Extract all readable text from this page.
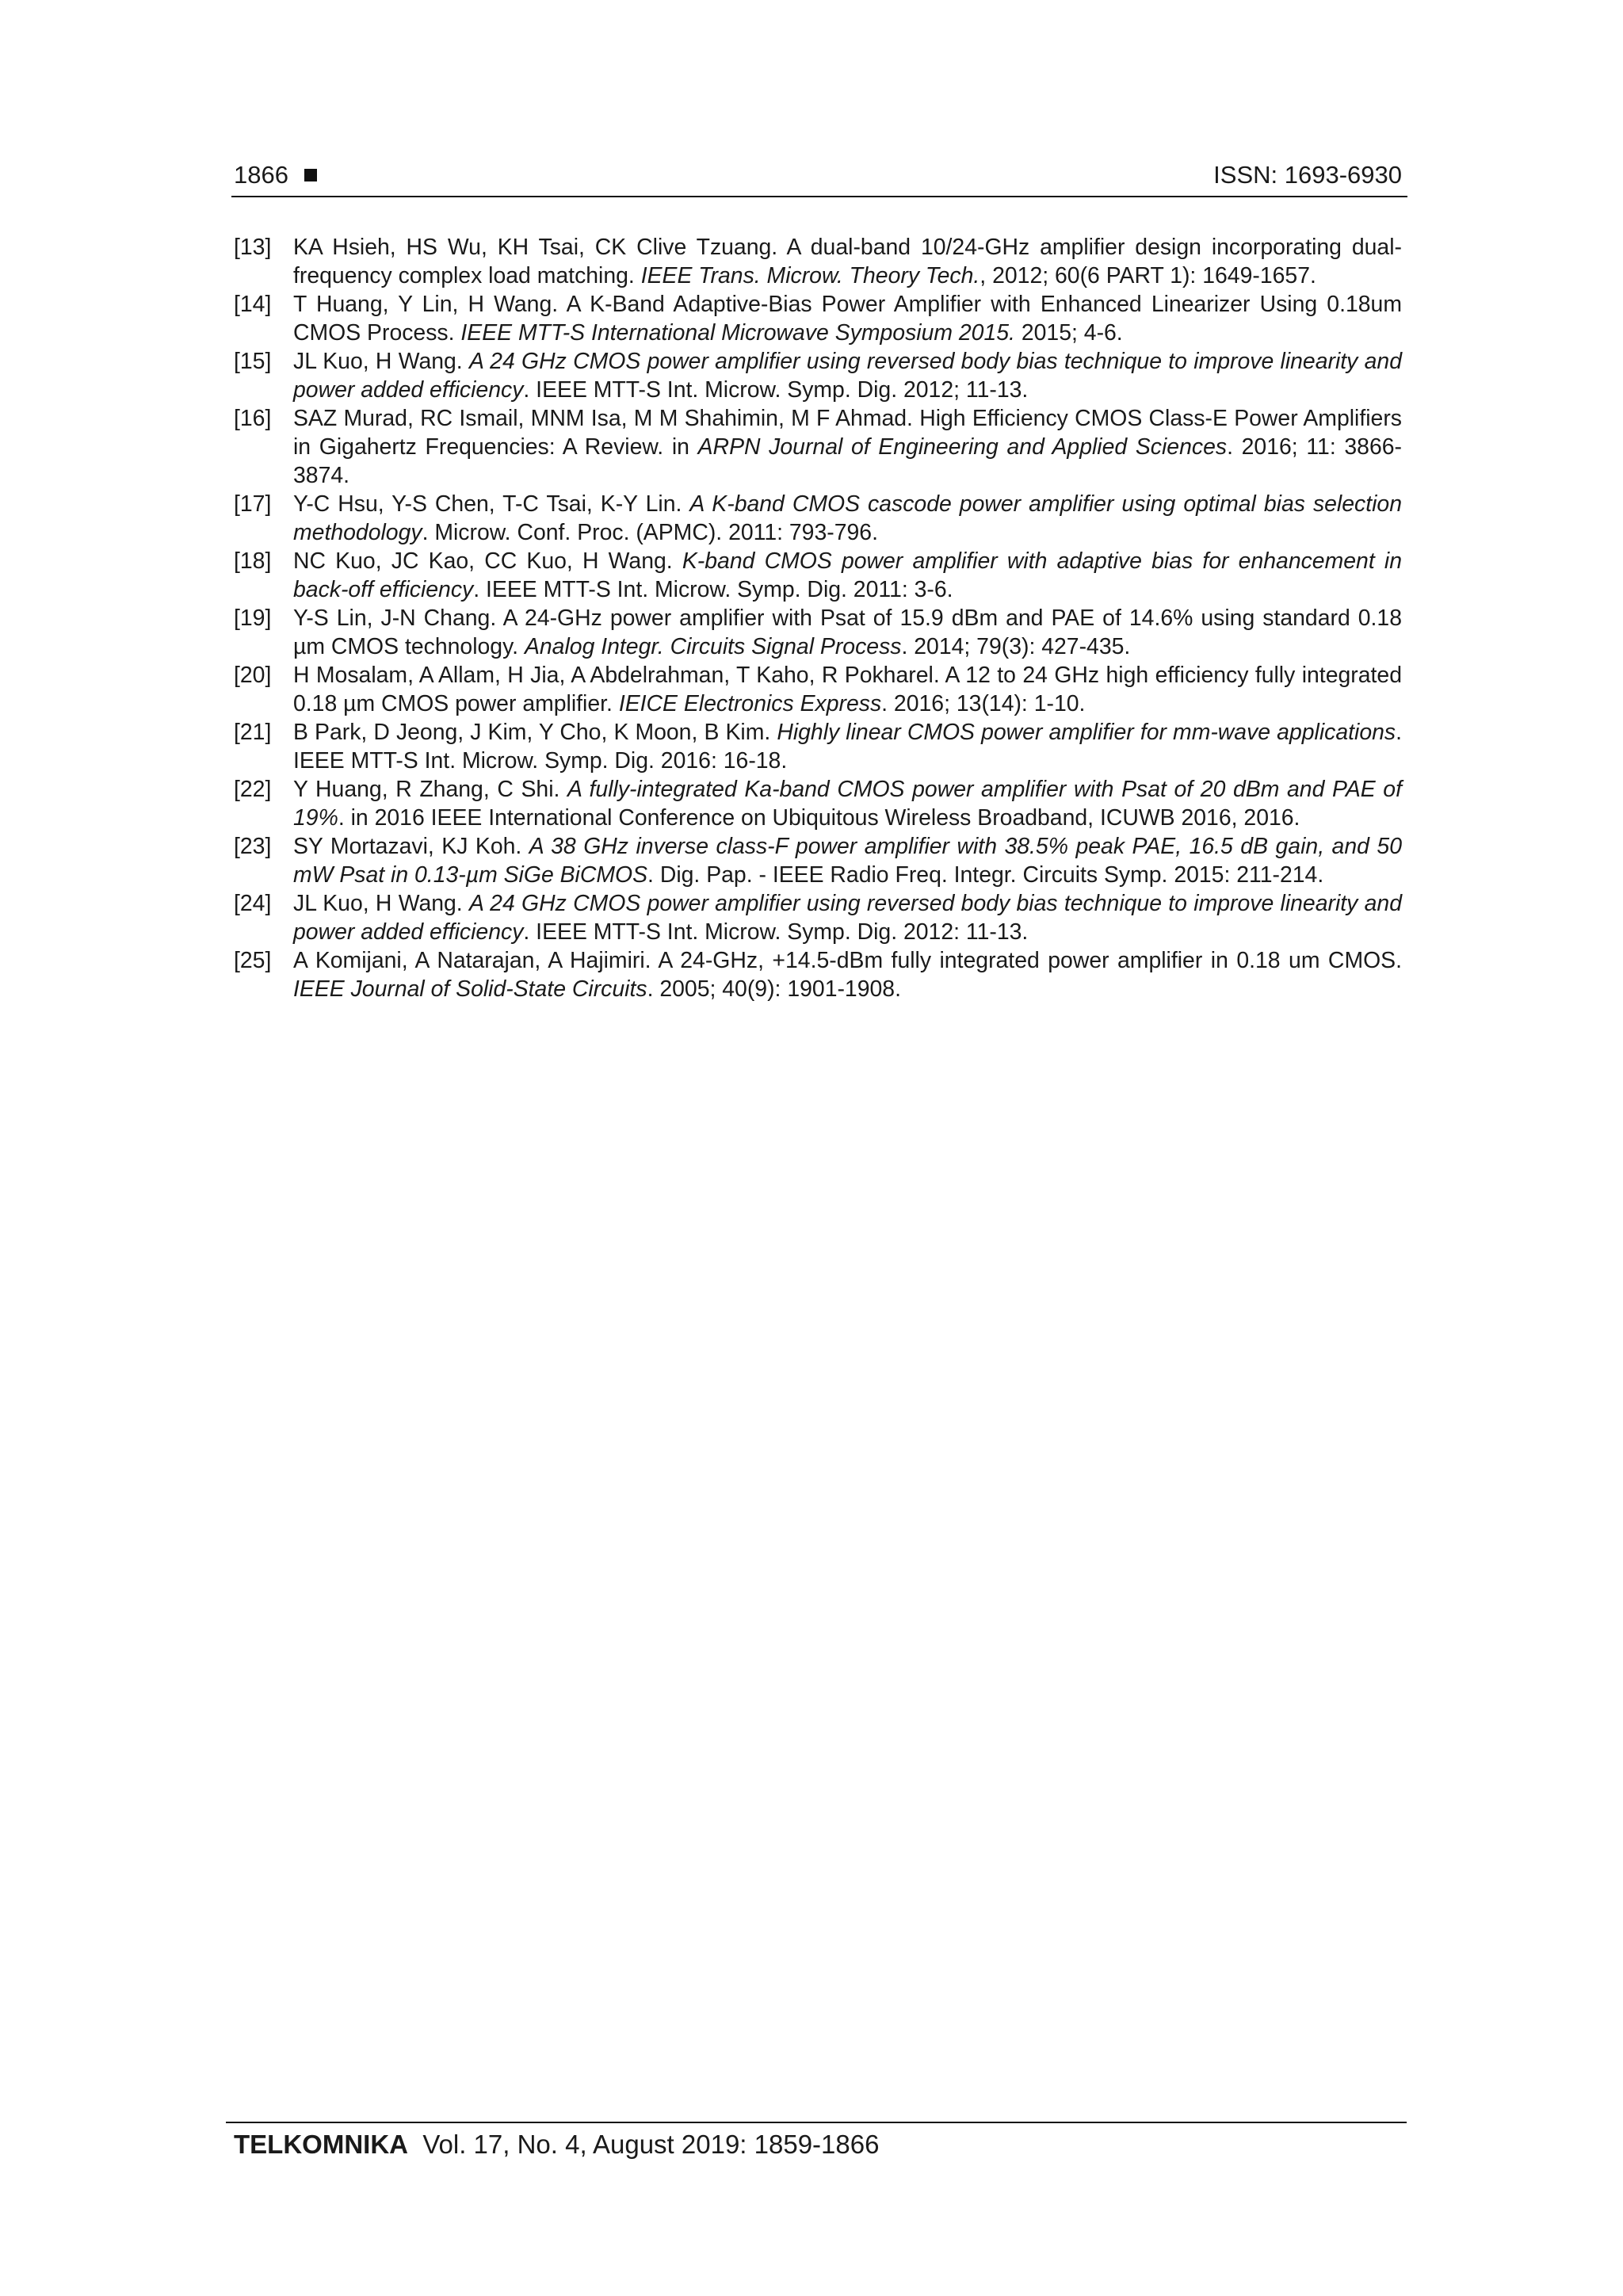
1866	ISSN: 1693-6930
[13] KA Hsieh, HS Wu, KH Tsai, CK Clive Tzuang. A dual-band 10/24-GHz amplifier design incorporating dual-frequency complex load matching. IEEE Trans. Microw. Theory Tech., 2012; 60(6 PART 1): 1649-1657.
[14] T Huang, Y Lin, H Wang. A K-Band Adaptive-Bias Power Amplifier with Enhanced Linearizer Using 0.18um CMOS Process. IEEE MTT-S International Microwave Symposium 2015. 2015; 4-6.
[15] JL Kuo, H Wang. A 24 GHz CMOS power amplifier using reversed body bias technique to improve linearity and power added efficiency. IEEE MTT-S Int. Microw. Symp. Dig. 2012; 11-13.
[16] SAZ Murad, RC Ismail, MNM Isa, M M Shahimin, M F Ahmad. High Efficiency CMOS Class-E Power Amplifiers in Gigahertz Frequencies: A Review. in ARPN Journal of Engineering and Applied Sciences. 2016; 11: 3866-3874.
[17] Y-C Hsu, Y-S Chen, T-C Tsai, K-Y Lin. A K-band CMOS cascode power amplifier using optimal bias selection methodology. Microw. Conf. Proc. (APMC). 2011: 793-796.
[18] NC Kuo, JC Kao, CC Kuo, H Wang. K-band CMOS power amplifier with adaptive bias for enhancement in back-off efficiency. IEEE MTT-S Int. Microw. Symp. Dig. 2011: 3-6.
[19] Y-S Lin, J-N Chang. A 24-GHz power amplifier with Psat of 15.9 dBm and PAE of 14.6% using standard 0.18 µm CMOS technology. Analog Integr. Circuits Signal Process. 2014; 79(3): 427-435.
[20] H Mosalam, A Allam, H Jia, A Abdelrahman, T Kaho, R Pokharel. A 12 to 24 GHz high efficiency fully integrated 0.18 µm CMOS power amplifier. IEICE Electronics Express. 2016; 13(14): 1-10.
[21] B Park, D Jeong, J Kim, Y Cho, K Moon, B Kim. Highly linear CMOS power amplifier for mm-wave applications. IEEE MTT-S Int. Microw. Symp. Dig. 2016: 16-18.
[22] Y Huang, R Zhang, C Shi. A fully-integrated Ka-band CMOS power amplifier with Psat of 20 dBm and PAE of 19%. in 2016 IEEE International Conference on Ubiquitous Wireless Broadband, ICUWB 2016, 2016.
[23] SY Mortazavi, KJ Koh. A 38 GHz inverse class-F power amplifier with 38.5% peak PAE, 16.5 dB gain, and 50 mW Psat in 0.13-µm SiGe BiCMOS. Dig. Pap. - IEEE Radio Freq. Integr. Circuits Symp. 2015: 211-214.
[24] JL Kuo, H Wang. A 24 GHz CMOS power amplifier using reversed body bias technique to improve linearity and power added efficiency. IEEE MTT-S Int. Microw. Symp. Dig. 2012: 11-13.
[25] A Komijani, A Natarajan, A Hajimiri. A 24-GHz, +14.5-dBm fully integrated power amplifier in 0.18 um CMOS. IEEE Journal of Solid-State Circuits. 2005; 40(9): 1901-1908.
TELKOMNIKA Vol. 17, No. 4, August 2019: 1859-1866
